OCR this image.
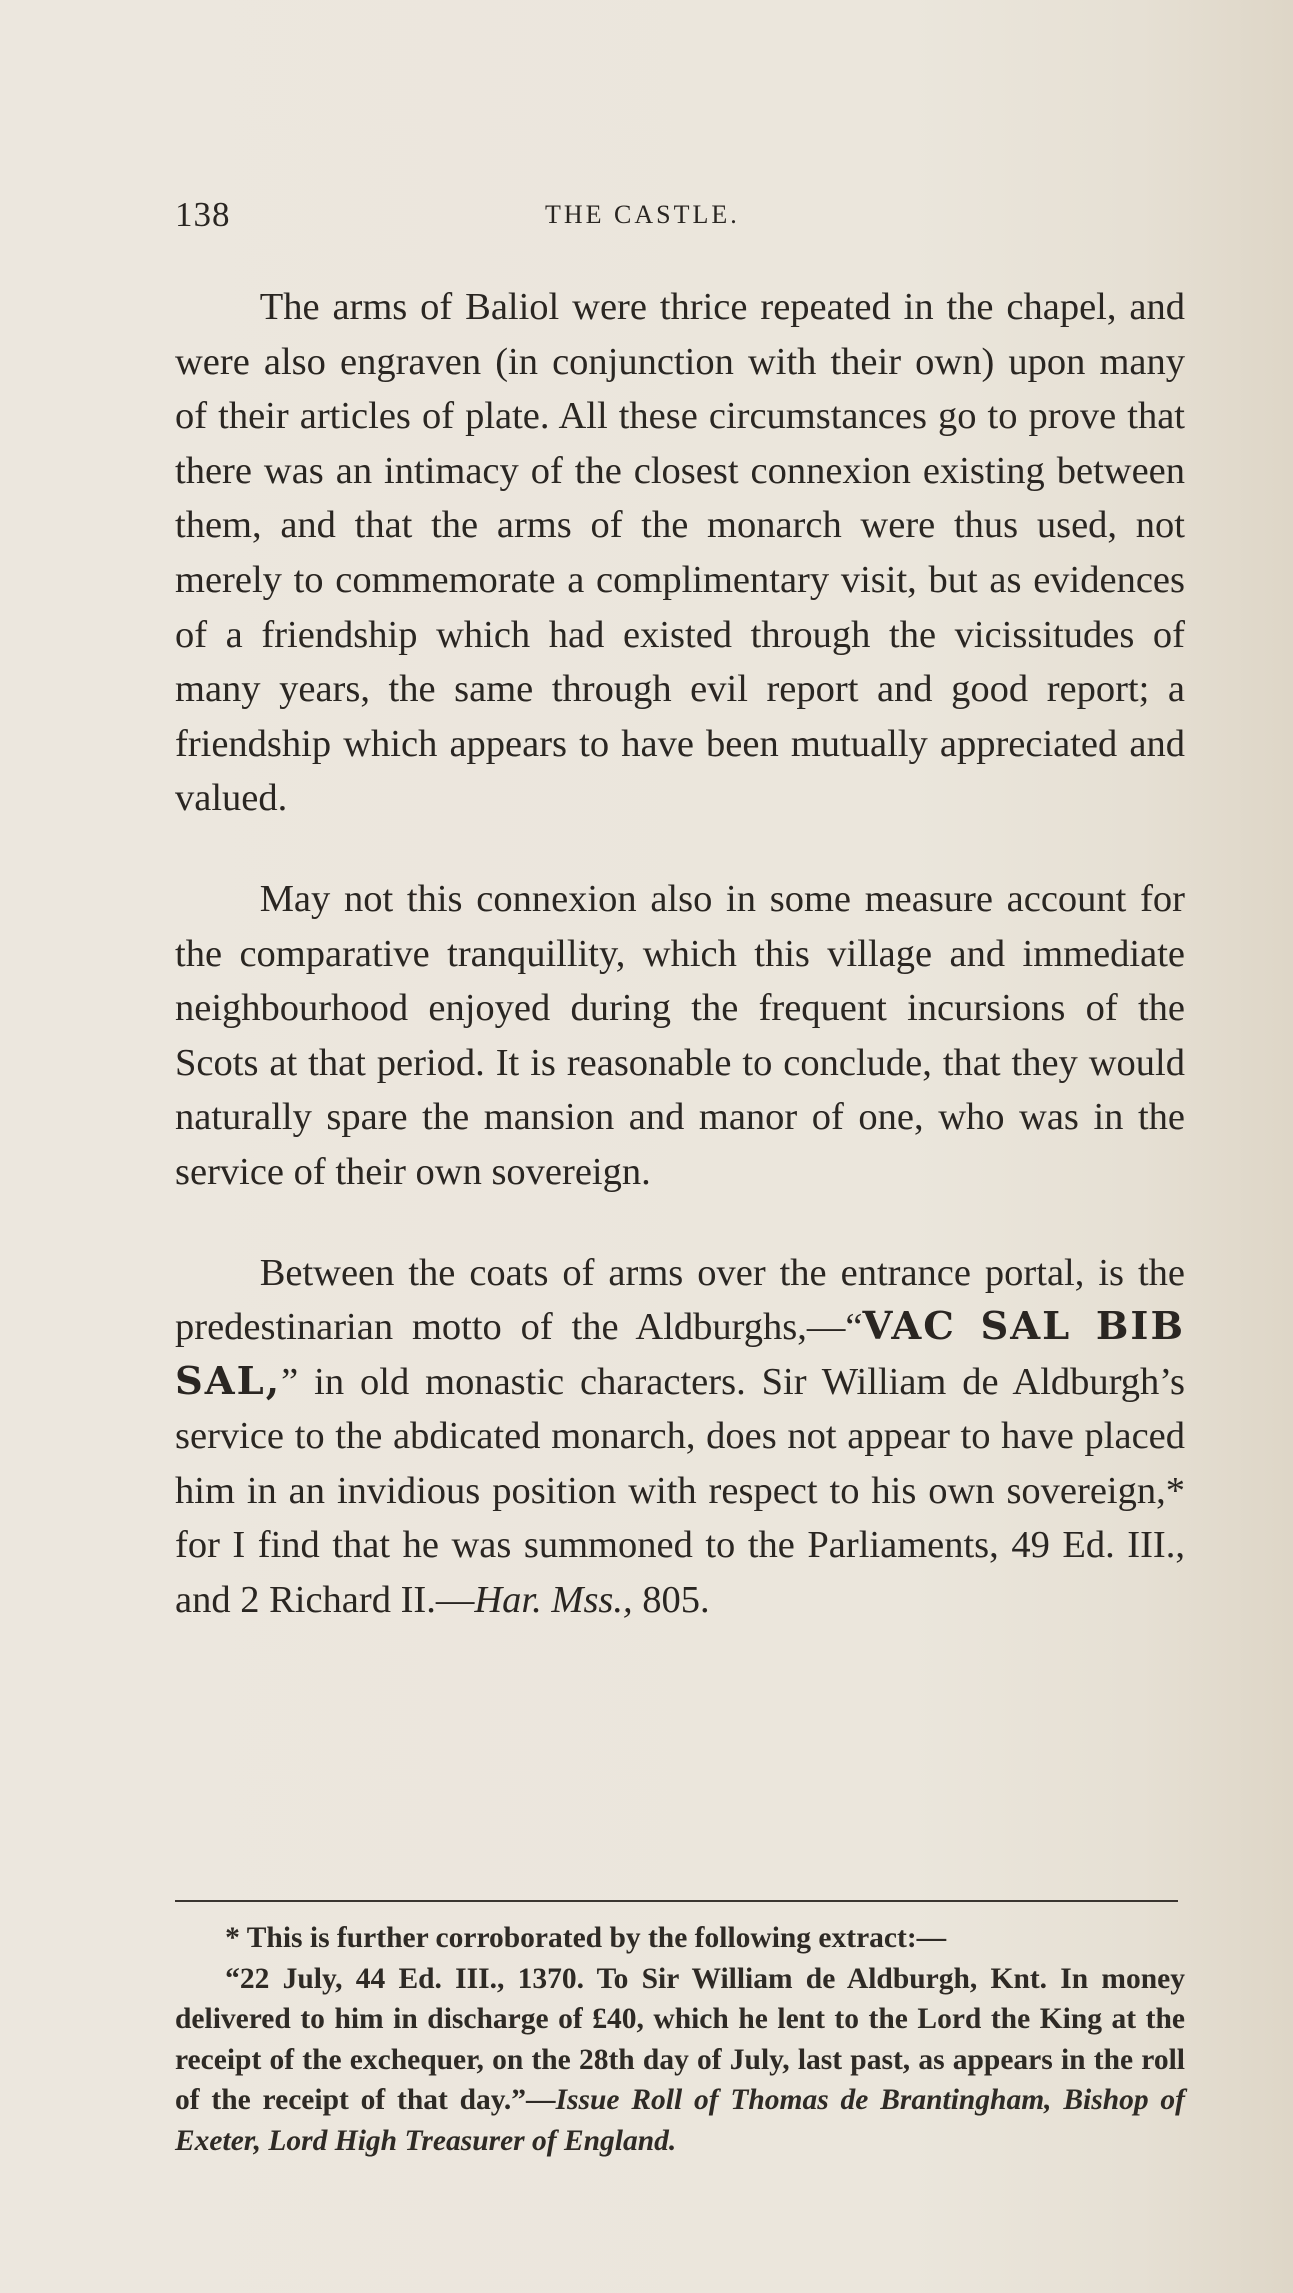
138	THE CASTLE.

The arms of Baliol were thrice repeated in the chapel, and were also engraven (in conjunction with their own) upon many of their articles of plate. All these circumstances go to prove that there was an intimacy of the closest connexion existing between them, and that the arms of the monarch were thus used, not merely to commemorate a complimentary visit, but as evidences of a friendship which had existed through the vicissitudes of many years, the same through evil report and good report; a friendship which appears to have been mutually appreciated and valued.

May not this connexion also in some measure account for the comparative tranquillity, which this village and immediate neighbourhood enjoyed during the frequent incursions of the Scots at that period. It is reasonable to conclude, that they would naturally spare the mansion and manor of one, who was in the service of their own sovereign.

Between the coats of arms over the entrance portal, is the predestinarian motto of the Aldburghs,—“VAC SAL BIB SAL,” in old monastic characters. Sir William de Aldburgh’s service to the abdicated monarch, does not appear to have placed him in an invidious position with respect to his own sovereign,* for I find that he was summoned to the Parliaments, 49 Ed. III., and 2 Richard II.—Har. Mss., 805.

* This is further corroborated by the following extract:—

“22 July, 44 Ed. III., 1370. To Sir William de Aldburgh, Knt. In money delivered to him in discharge of £40, which he lent to the Lord the King at the receipt of the exchequer, on the 28th day of July, last past, as appears in the roll of the receipt of that day.”—Issue Roll of Thomas de Brantingham, Bishop of Exeter, Lord High Treasurer of England.
